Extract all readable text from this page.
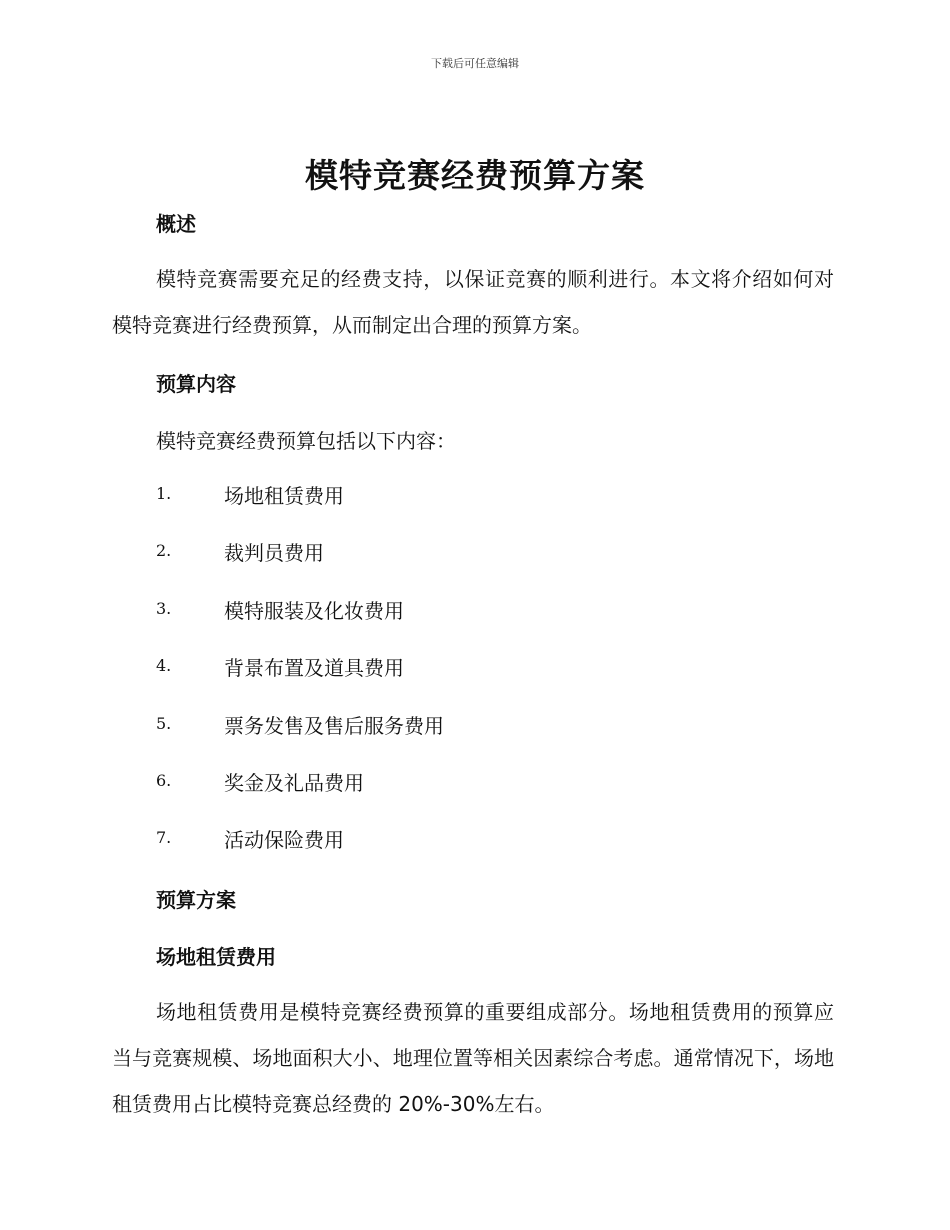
下载后可任意编辑
模特竞赛经费预算方案
概述

模特竞赛需要充足的经费支持，以保证竞赛的顺利进行。本文将介绍如何对模特竞赛进行经费预算，从而制定出合理的预算方案。

预算内容

模特竞赛经费预算包括以下内容：

1.	场地租赁费用
2.	裁判员费用
3.	模特服装及化妆费用
4.	背景布置及道具费用
5.	票务发售及售后服务费用
6.	奖金及礼品费用
7.	活动保险费用
预算方案
场地租赁费用

场地租赁费用是模特竞赛经费预算的重要组成部分。场地租赁费用的预算应当与竞赛规模、场地面积大小、地理位置等相关因素综合考虑。通常情况下，场地租赁费用占比模特竞赛总经费的 20%-30%左右。
